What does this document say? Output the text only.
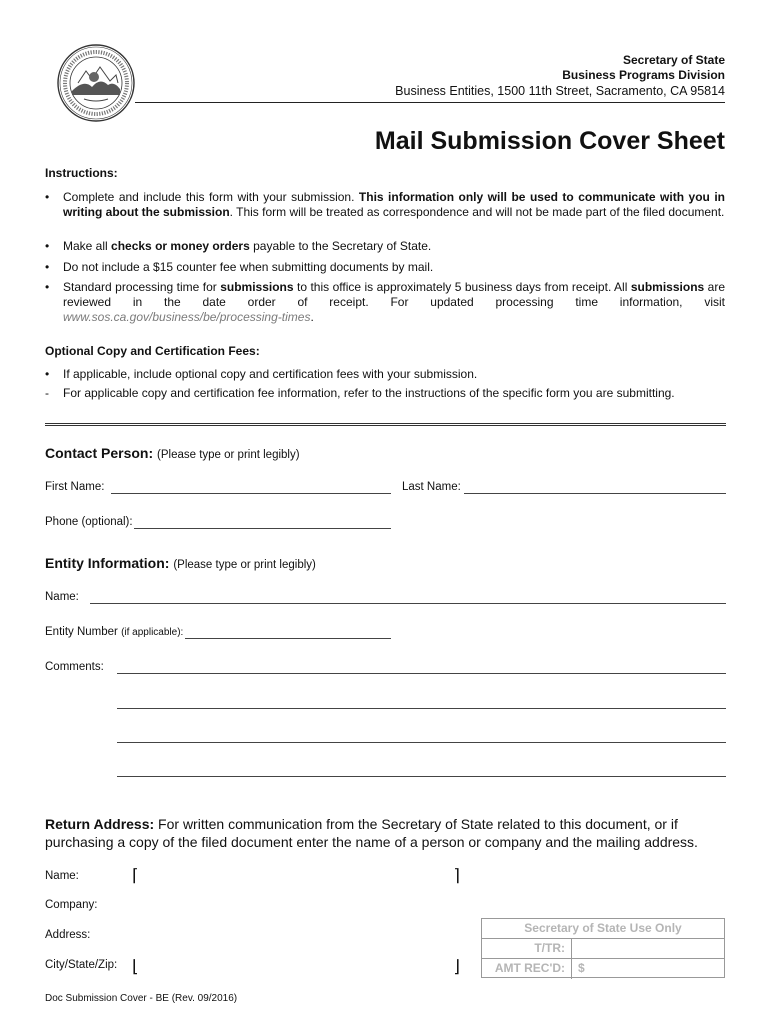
Secretary of State
Business Programs Division
Business Entities, 1500 11th Street, Sacramento, CA 95814
Mail Submission Cover Sheet
Instructions:
•	Complete and include this form with your submission. This information only will be used to communicate with you in writing about the submission. This form will be treated as correspondence and will not be made part of the filed document.
•	Make all checks or money orders payable to the Secretary of State.
•	Do not include a $15 counter fee when submitting documents by mail.
•	Standard processing time for submissions to this office is approximately 5 business days from receipt. All submissions are reviewed in the date order of receipt. For updated processing time information, visit www.sos.ca.gov/business/be/processing-times.
Optional Copy and Certification Fees:
•	If applicable, include optional copy and certification fees with your submission.
-	For applicable copy and certification fee information, refer to the instructions of the specific form you are submitting.
Contact Person: (Please type or print legibly)
First Name:	Last Name:
Phone (optional):
Entity Information: (Please type or print legibly)
Name:
Entity Number (if applicable):
Comments:
Return Address: For written communication from the Secretary of State related to this document, or if purchasing a copy of the filed document enter the name of a person or company and the mailing address.
Name:
Company:
Address:
City/State/Zip:
⌈	⌉
⌊	⌋
Secretary of State Use Only
T/TR:
AMT REC'D:	$
Doc Submission Cover - BE (Rev. 09/2016)
